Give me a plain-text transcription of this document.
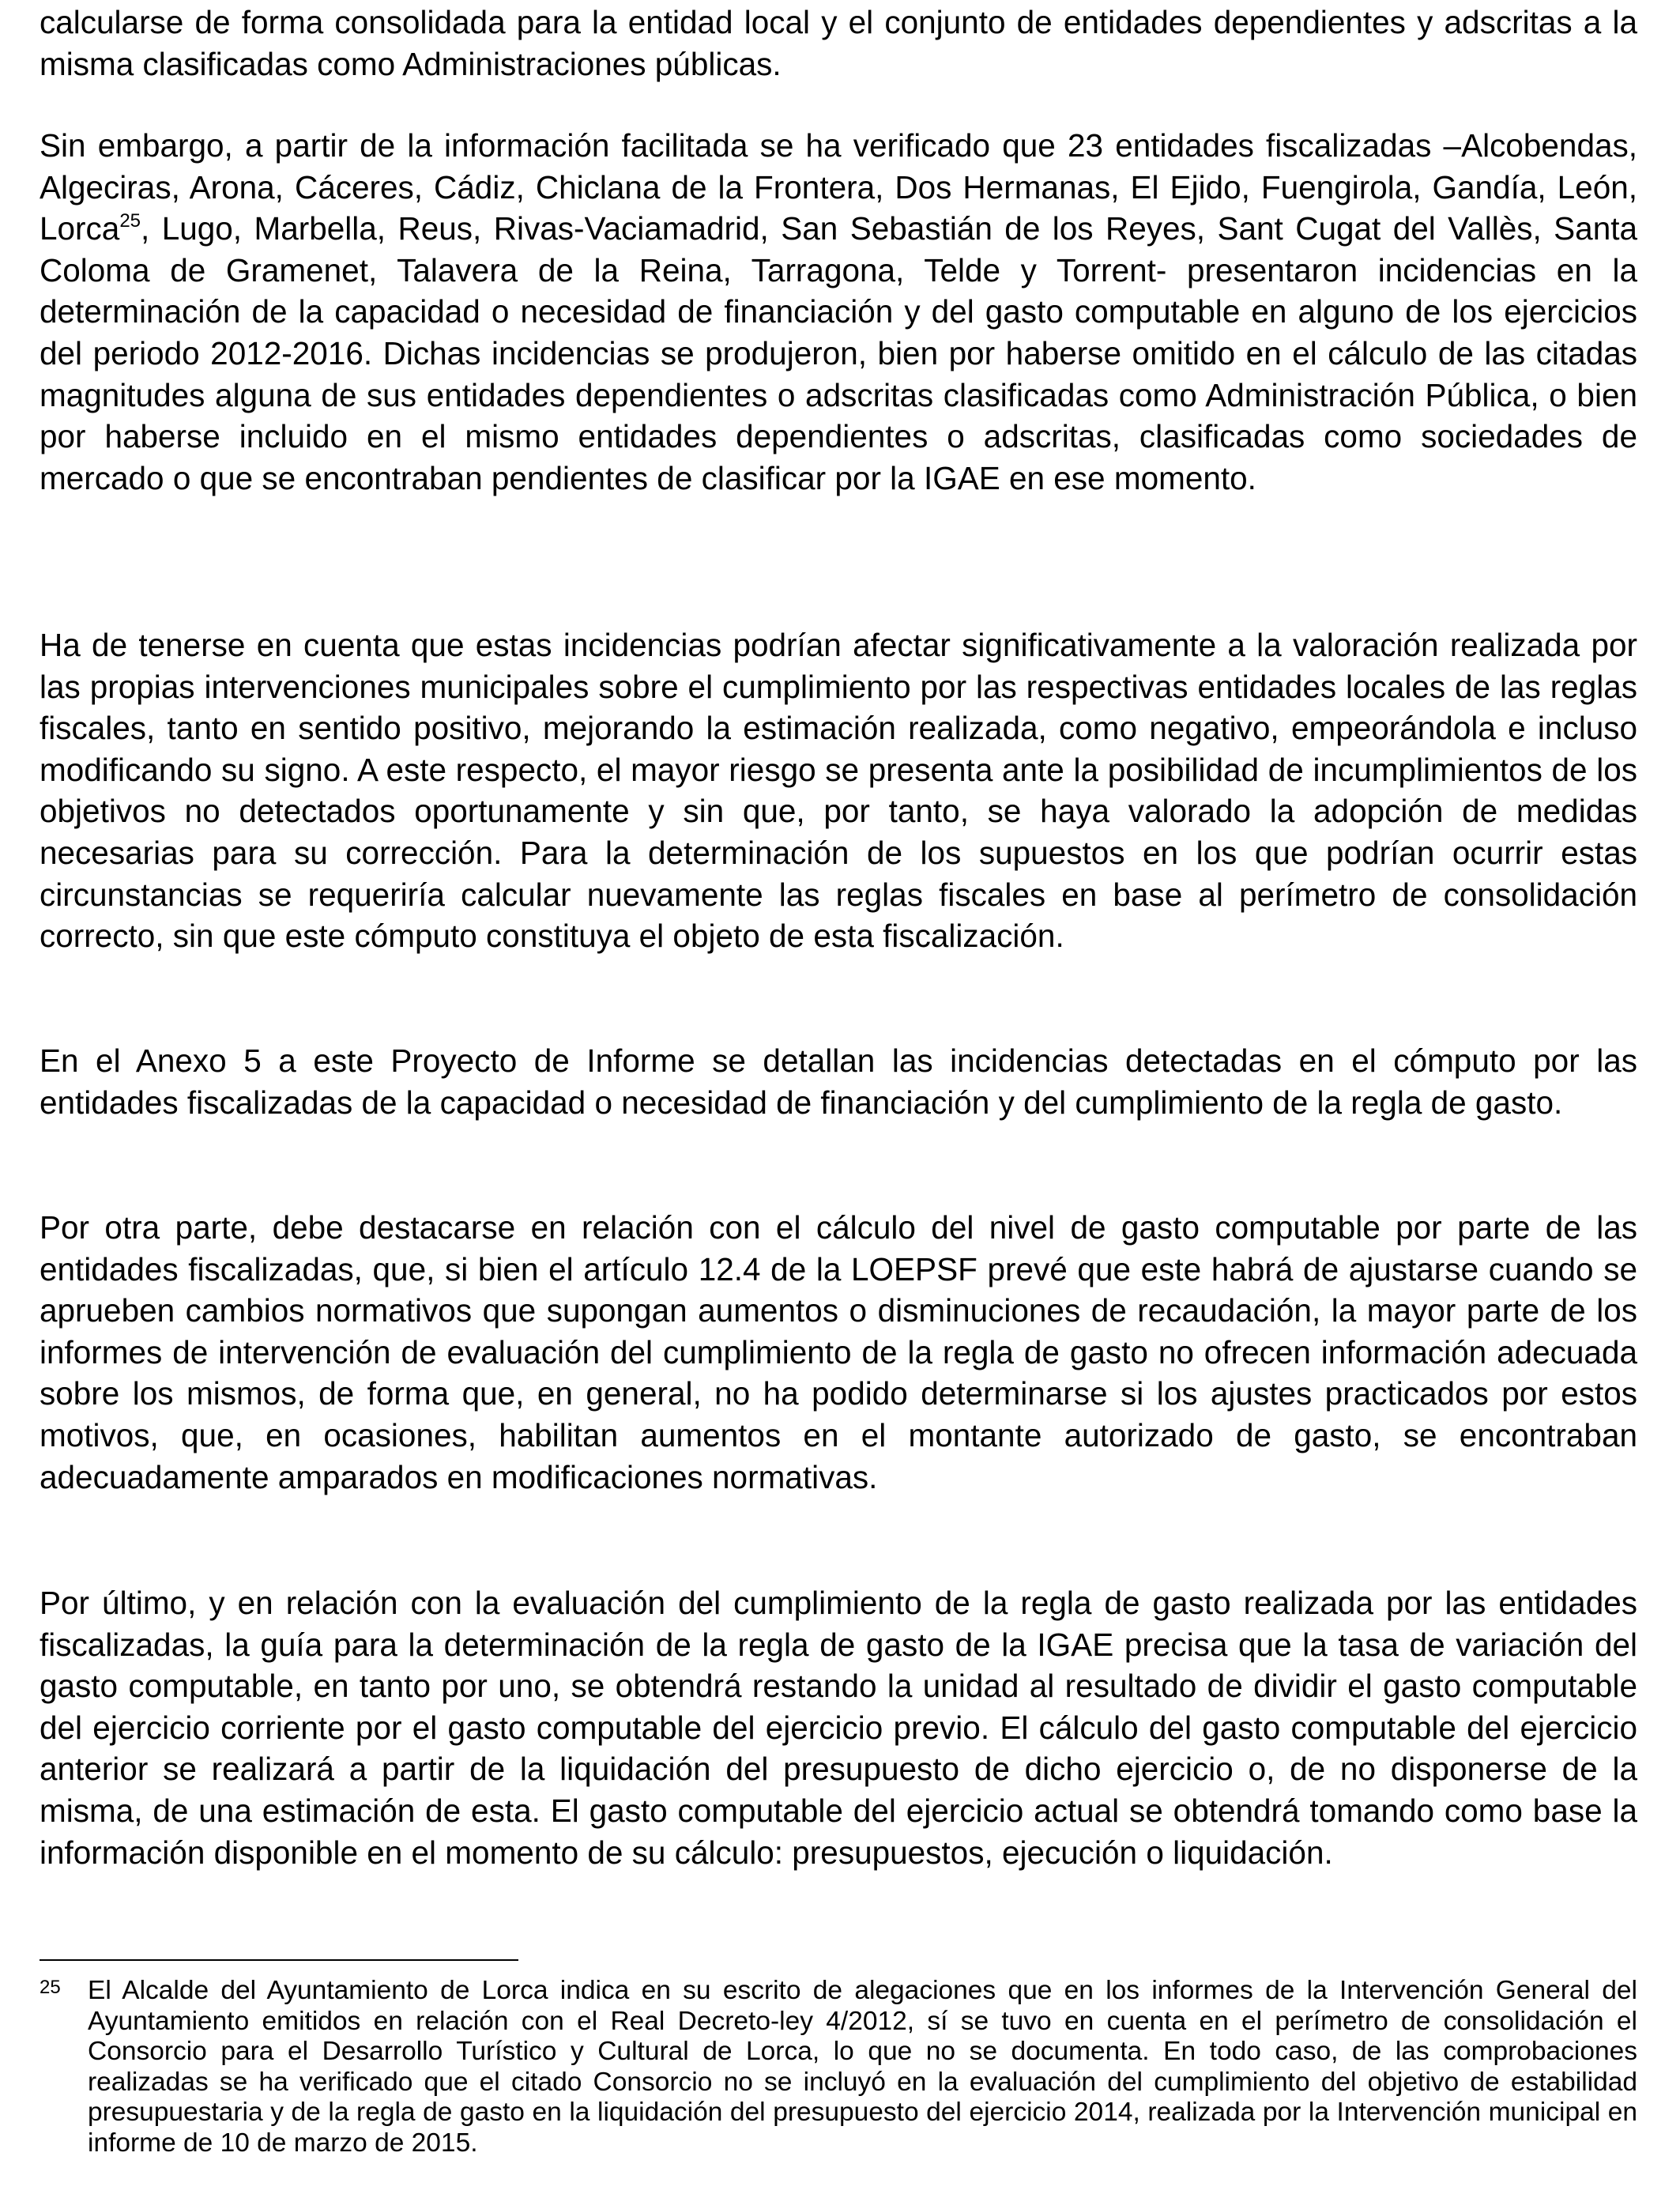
calcularse de forma consolidada para la entidad local y el conjunto de entidades dependientes y adscritas a la misma clasificadas como Administraciones públicas.

Sin embargo, a partir de la información facilitada se ha verificado que 23 entidades fiscalizadas –Alcobendas, Algeciras, Arona, Cáceres, Cádiz, Chiclana de la Frontera, Dos Hermanas, El Ejido, Fuengirola, Gandía, León, Lorca$^{25}$, Lugo, Marbella, Reus, Rivas-Vaciamadrid, San Sebastián de los Reyes, Sant Cugat del Vallès, Santa Coloma de Gramenet, Talavera de la Reina, Tarragona, Telde y Torrent- presentaron incidencias en la determinación de la capacidad o necesidad de financiación y del gasto computable en alguno de los ejercicios del periodo 2012-2016. Dichas incidencias se produjeron, bien por haberse omitido en el cálculo de las citadas magnitudes alguna de sus entidades dependientes o adscritas clasificadas como Administración Pública, o bien por haberse incluido en el mismo entidades dependientes o adscritas, clasificadas como sociedades de mercado o que se encontraban pendientes de clasificar por la IGAE en ese momento.

Ha de tenerse en cuenta que estas incidencias podrían afectar significativamente a la valoración realizada por las propias intervenciones municipales sobre el cumplimiento por las respectivas entidades locales de las reglas fiscales, tanto en sentido positivo, mejorando la estimación realizada, como negativo, empeorándola e incluso modificando su signo. A este respecto, el mayor riesgo se presenta ante la posibilidad de incumplimientos de los objetivos no detectados oportunamente y sin que, por tanto, se haya valorado la adopción de medidas necesarias para su corrección. Para la determinación de los supuestos en los que podrían ocurrir estas circunstancias se requeriría calcular nuevamente las reglas fiscales en base al perímetro de consolidación correcto, sin que este cómputo constituya el objeto de esta fiscalización.

En el Anexo 5 a este Proyecto de Informe se detallan las incidencias detectadas en el cómputo por las entidades fiscalizadas de la capacidad o necesidad de financiación y del cumplimiento de la regla de gasto.

Por otra parte, debe destacarse en relación con el cálculo del nivel de gasto computable por parte de las entidades fiscalizadas, que, si bien el artículo 12.4 de la LOEPSF prevé que este habrá de ajustarse cuando se aprueben cambios normativos que supongan aumentos o disminuciones de recaudación, la mayor parte de los informes de intervención de evaluación del cumplimiento de la regla de gasto no ofrecen información adecuada sobre los mismos, de forma que, en general, no ha podido determinarse si los ajustes practicados por estos motivos, que, en ocasiones, habilitan aumentos en el montante autorizado de gasto, se encontraban adecuadamente amparados en modificaciones normativas.

Por último, y en relación con la evaluación del cumplimiento de la regla de gasto realizada por las entidades fiscalizadas, la guía para la determinación de la regla de gasto de la IGAE precisa que la tasa de variación del gasto computable, en tanto por uno, se obtendrá restando la unidad al resultado de dividir el gasto computable del ejercicio corriente por el gasto computable del ejercicio previo. El cálculo del gasto computable del ejercicio anterior se realizará a partir de la liquidación del presupuesto de dicho ejercicio o, de no disponerse de la misma, de una estimación de esta. El gasto computable del ejercicio actual se obtendrá tomando como base la información disponible en el momento de su cálculo: presupuestos, ejecución o liquidación.

25 El Alcalde del Ayuntamiento de Lorca indica en su escrito de alegaciones que en los informes de la Intervención General del Ayuntamiento emitidos en relación con el Real Decreto-ley 4/2012, sí se tuvo en cuenta en el perímetro de consolidación el Consorcio para el Desarrollo Turístico y Cultural de Lorca, lo que no se documenta. En todo caso, de las comprobaciones realizadas se ha verificado que el citado Consorcio no se incluyó en la evaluación del cumplimiento del objetivo de estabilidad presupuestaria y de la regla de gasto en la liquidación del presupuesto del ejercicio 2014, realizada por la Intervención municipal en informe de 10 de marzo de 2015.
